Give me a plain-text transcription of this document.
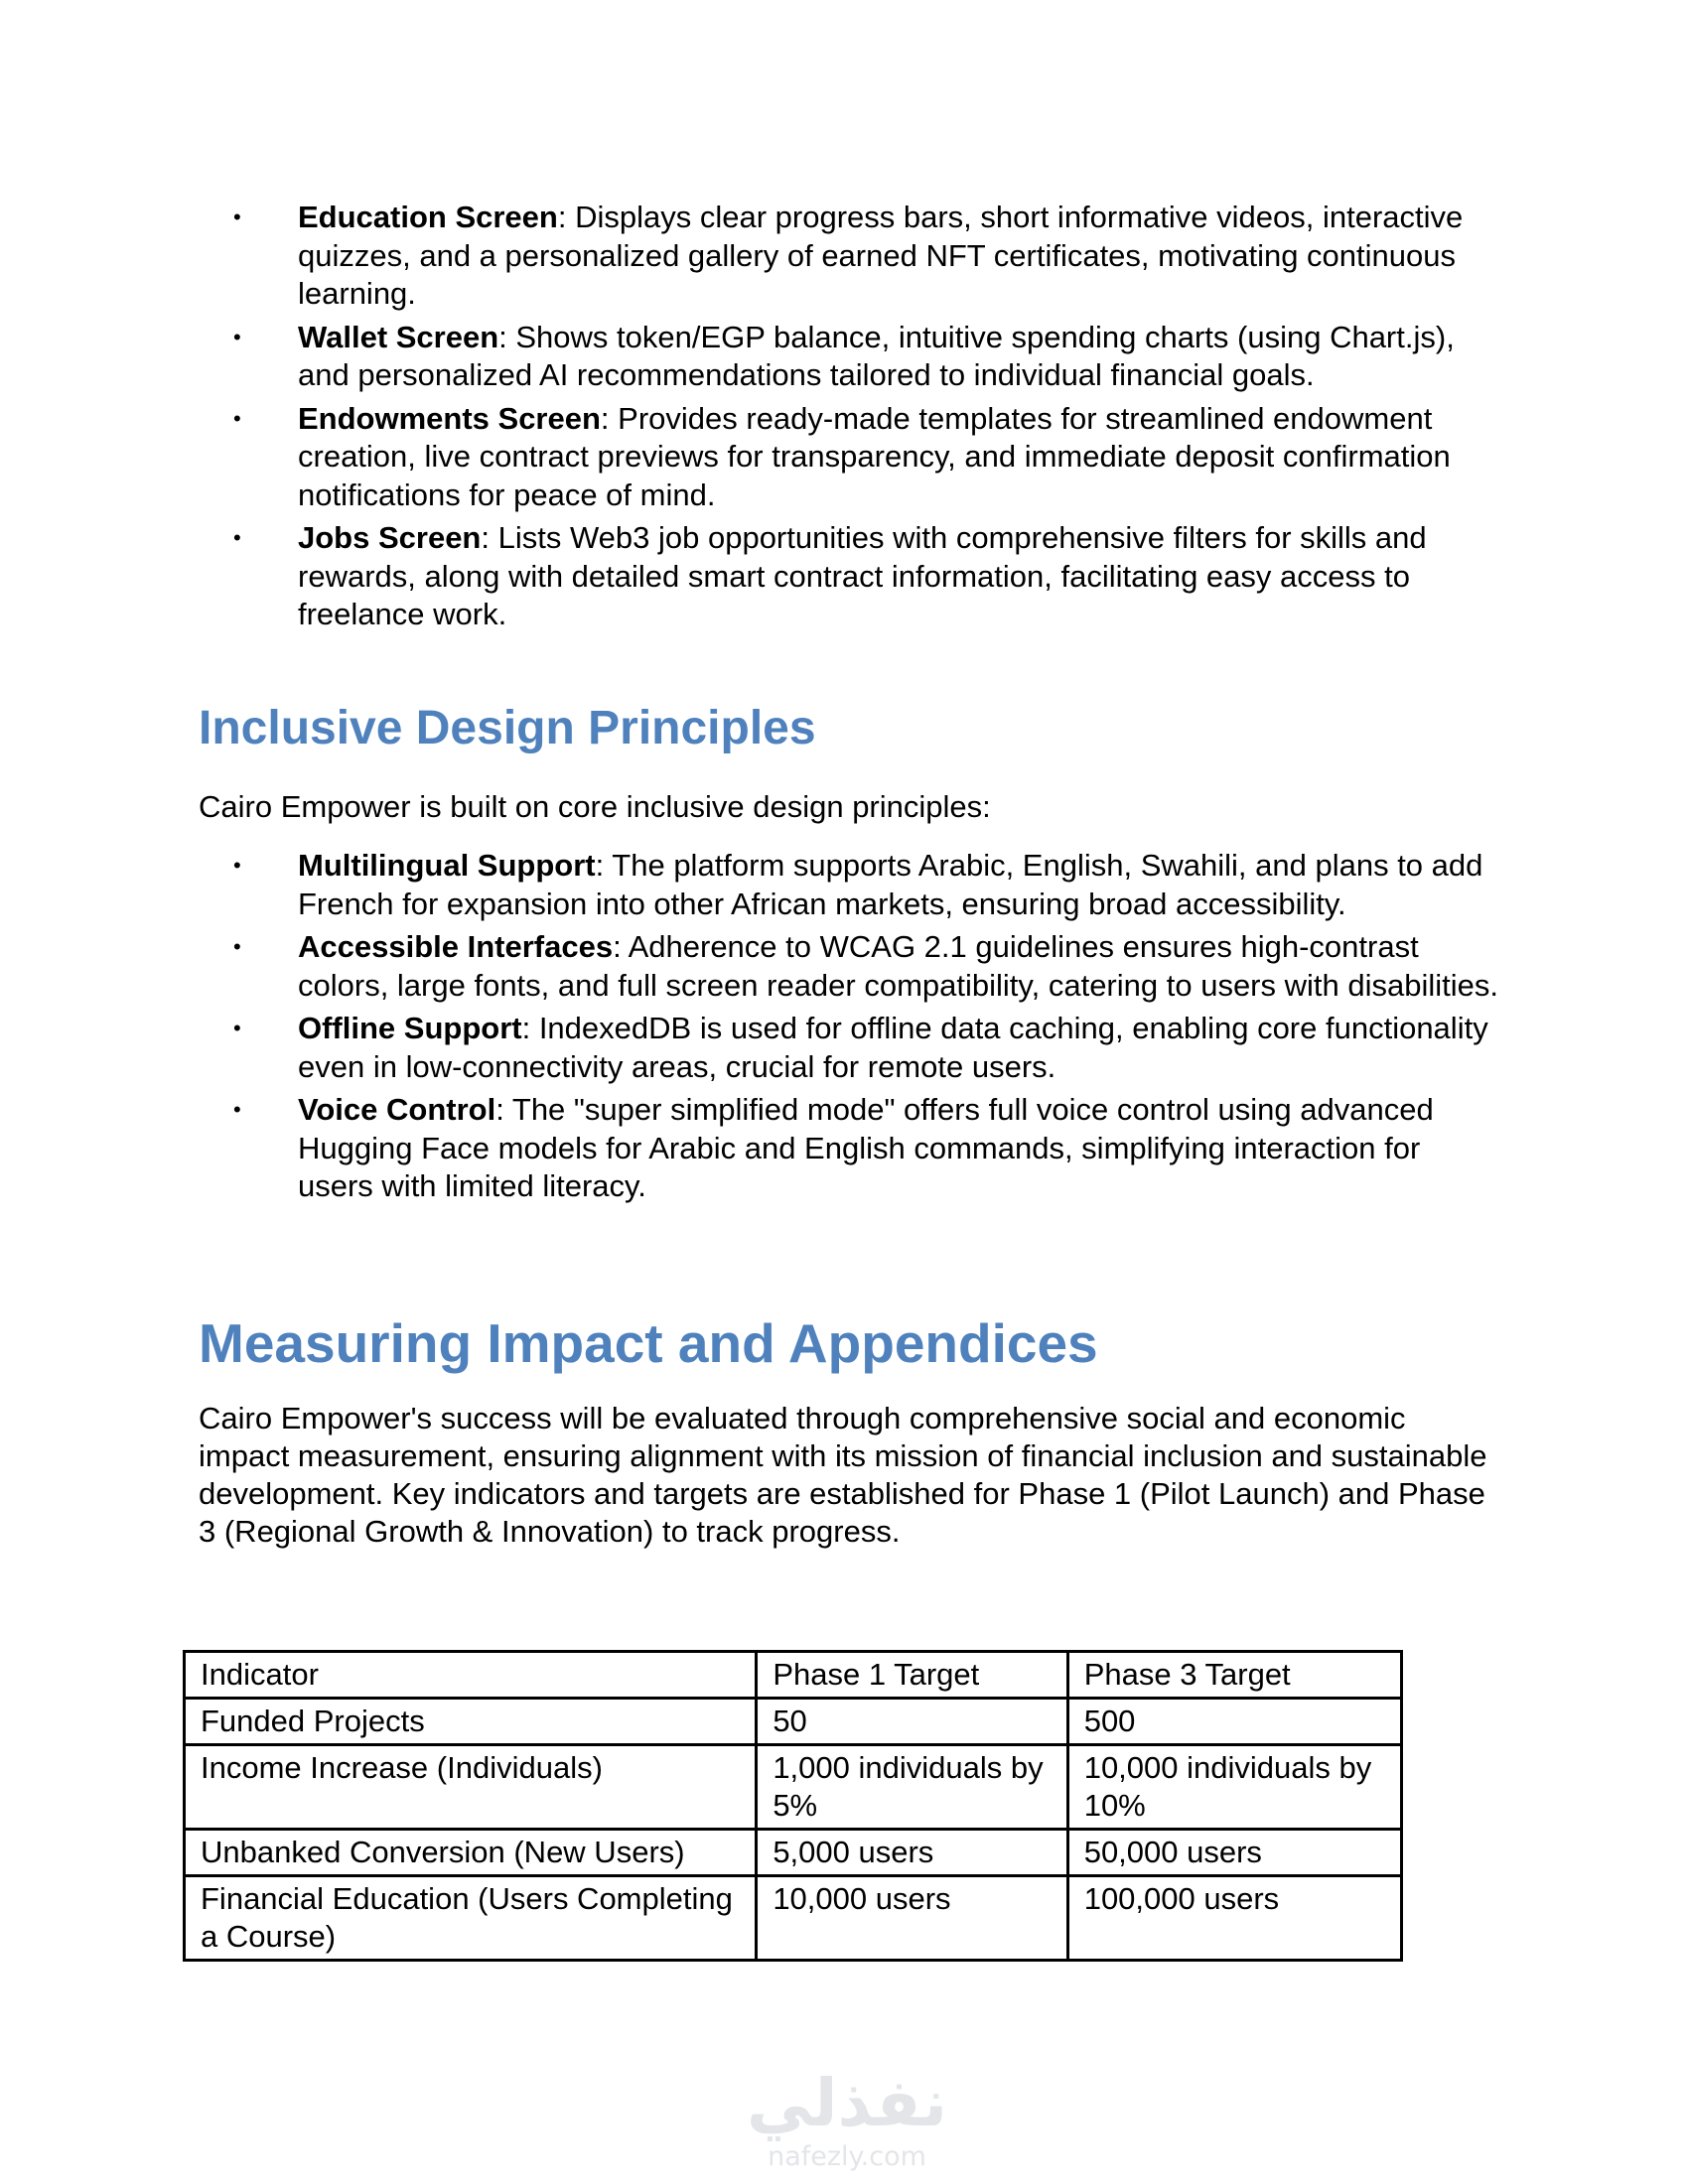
• Education Screen: Displays clear progress bars, short informative videos, interactive quizzes, and a personalized gallery of earned NFT certificates, motivating continuous learning.
• Wallet Screen: Shows token/EGP balance, intuitive spending charts (using Chart.js), and personalized AI recommendations tailored to individual financial goals.
• Endowments Screen: Provides ready-made templates for streamlined endowment creation, live contract previews for transparency, and immediate deposit confirmation notifications for peace of mind.
• Jobs Screen: Lists Web3 job opportunities with comprehensive filters for skills and rewards, along with detailed smart contract information, facilitating easy access to freelance work.
Inclusive Design Principles

Cairo Empower is built on core inclusive design principles:

• Multilingual Support: The platform supports Arabic, English, Swahili, and plans to add French for expansion into other African markets, ensuring broad accessibility.
• Accessible Interfaces: Adherence to WCAG 2.1 guidelines ensures high-contrast colors, large fonts, and full screen reader compatibility, catering to users with disabilities.
• Offline Support: IndexedDB is used for offline data caching, enabling core functionality even in low-connectivity areas, crucial for remote users.
• Voice Control: The "super simplified mode" offers full voice control using advanced Hugging Face models for Arabic and English commands, simplifying interaction for users with limited literacy.
Measuring Impact and Appendices

Cairo Empower's success will be evaluated through comprehensive social and economic impact measurement, ensuring alignment with its mission of financial inclusion and sustainable development. Key indicators and targets are established for Phase 1 (Pilot Launch) and Phase 3 (Regional Growth & Innovation) to track progress.

Indicator	Phase 1 Target	Phase 3 Target
Funded Projects	50	500
Income Increase (Individuals)	1,000 individuals by 5%	10,000 individuals by 10%
Unbanked Conversion (New Users)	5,000 users	50,000 users
Financial Education (Users Completing a Course)	10,000 users	100,000 users
نفذلي
nafezly.com
